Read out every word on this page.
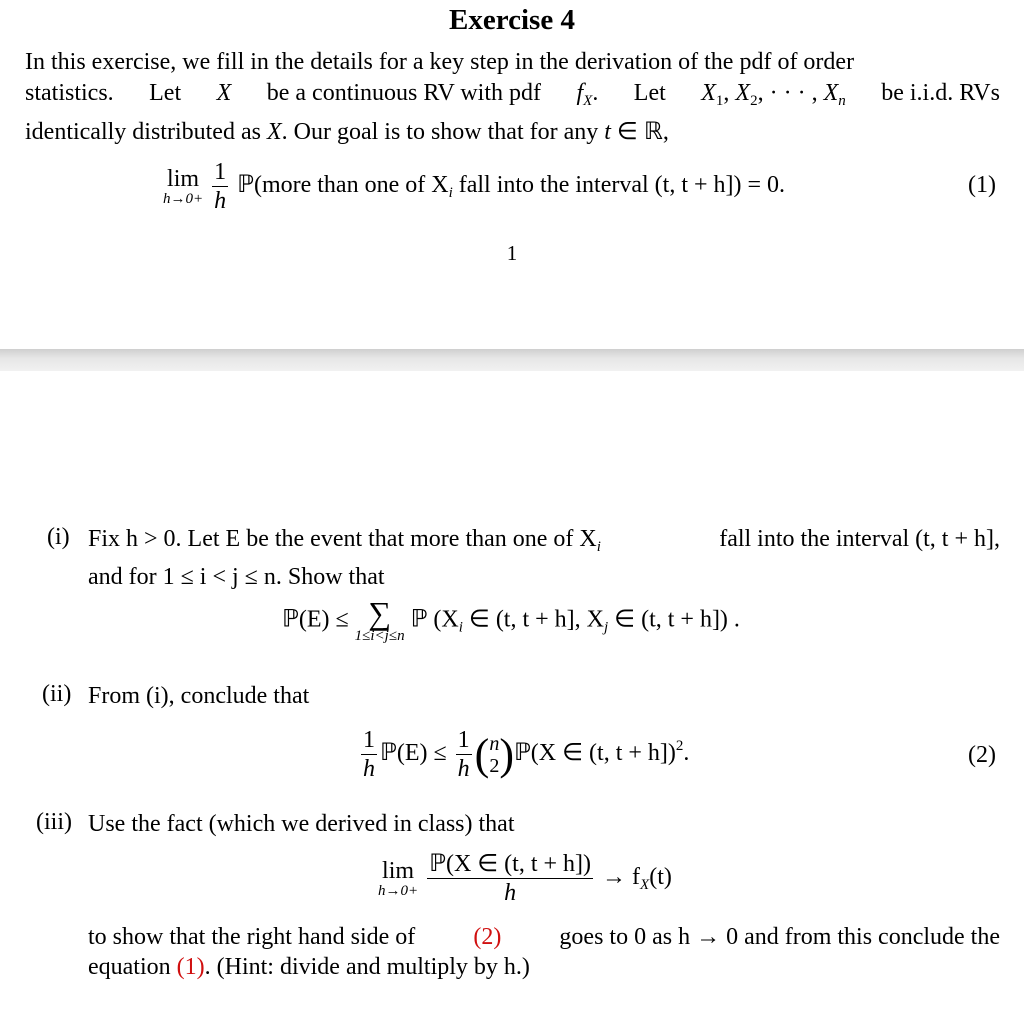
Exercise 4
In this exercise, we fill in the details for a key step in the derivation of the pdf of order
statistics. Let X be a continuous RV with pdf $f_X$. Let $X_1$, $X_2$, · · · , $X_n$ be i.i.d. RVs
identically distributed as
X . Our goal is to show that for any
t ∈ ℝ,
lim
h→0+
$\frac{1}{h}$ ℙ(more than one of $X_i$ fall into the interval (t, t + h]) = 0.	(1)
1
(i) Fix h > 0. Let E be the event that more than one of $X_i$	fall into the interval (t, t + h],
and for 1 ≤ i < j ≤ n. Show that
ℙ(E) ≤ ∑
1≤i<j≤n
ℙ ($X_i$ ∈ (t, t + h], $X_j$ ∈ (t, t + h]) .
(ii) From (i), conclude that
$\frac{1}{h}$ ℙ(E) ≤ $\frac{1}{h}$ ( n
2 )ℙ(X ∈ (t, t + h])$^2$.	(2)
(iii) Use the fact (which we derived in class) that
lim
h→0+
$\frac{\text{ℙ(X ∈ (t, t + h])}}{h} \to f_X(t)$
to show that the right hand side of (2) goes to 0 as h → 0 and from this conclude the
equation (1). (Hint: divide and multiply by h.)
